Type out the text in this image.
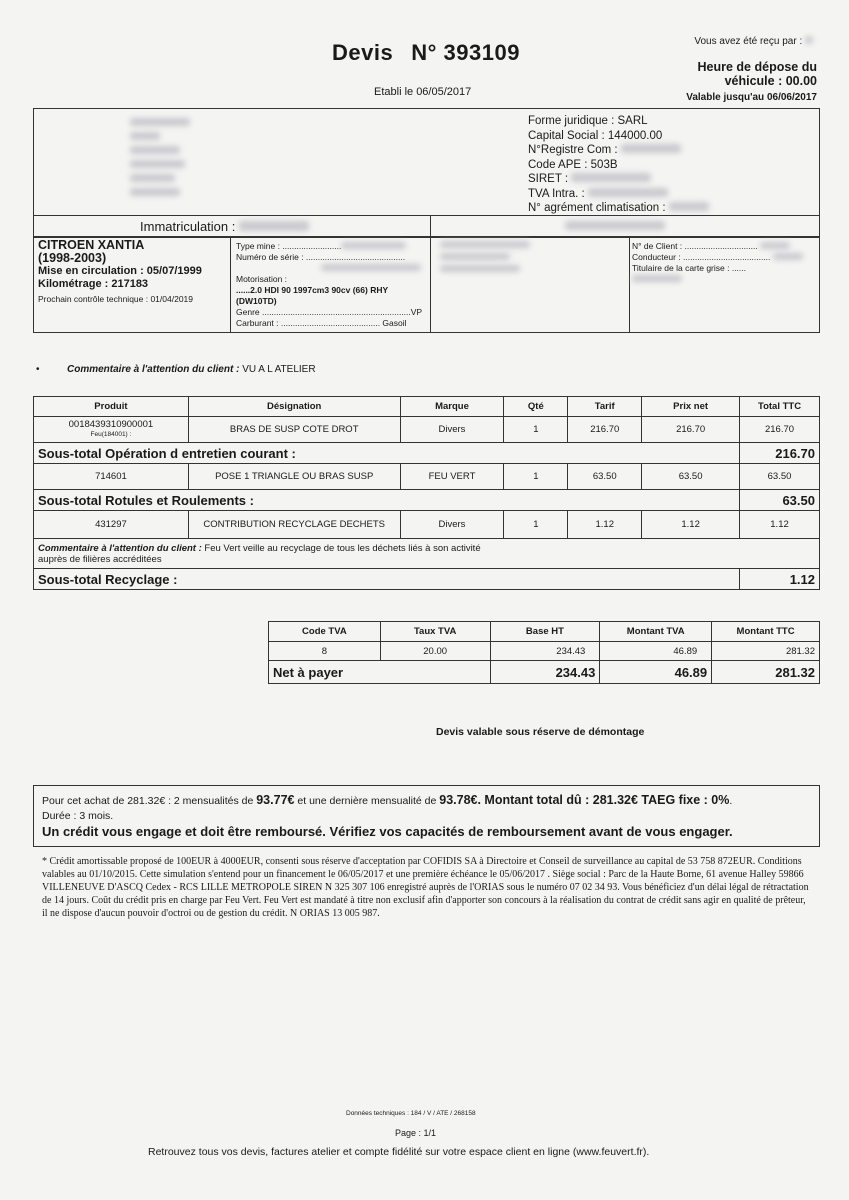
Devis N° 393109
Etabli le 06/05/2017
Vous avez été reçu par :
Heure de dépose du
véhicule : 00.00
Valable jusqu'au 06/06/2017
Forme juridique : SARL
Capital Social : 144000.00
N°Registre Com :
Code APE : 503B
SIRET :
TVA Intra. :
N° agrément climatisation :
Immatriculation :
CITROEN XANTIA
(1998-2003)
Mise en circulation : 05/07/1999
Kilométrage : 217183
Prochain contrôle technique : 01/04/2019
Type mine : .........................
Numéro de série : ..........................................
Motorisation :
......2.0 HDI 90 1997cm3 90cv (66) RHY
(DW10TD)
Genre ...............................................................VP
Carburant : .......................................... Gasoil
N° de Client : ...............................
Conducteur : .....................................
Titulaire de la carte grise : ......
•	Commentaire à l'attention du client : VU A L ATELIER
Produit	Désignation	Marque	Qté	Tarif	Prix net	Total TTC

0018439310900001
Feu(184001) :	BRAS DE SUSP COTE DROT	Divers	1	216.70	216.70	216.70
Sous-total Opération d entretien courant :						216.70
714601	POSE 1 TRIANGLE OU BRAS SUSP	FEU VERT	1	63.50	63.50	63.50
Sous-total Rotules et Roulements :						63.50
431297	CONTRIBUTION RECYCLAGE DECHETS	Divers	1	1.12	1.12	1.12
Commentaire à l'attention du client : Feu Vert veille au recyclage de tous les déchets liés à son activité
auprès de filières accréditées						
Sous-total Recyclage :						1.12
Code TVA	Taux TVA	Base HT	Montant TVA	Montant TTC
8	20.00	234.43	46.89	281.32
Net à payer		234.43	46.89	281.32
Devis valable sous réserve de démontage
Pour cet achat de 281.32€ : 2 mensualités de 93.77€ et une dernière mensualité de 93.78€. Montant total dû : 281.32€ TAEG fixe : 0%.
Durée : 3 mois.
Un crédit vous engage et doit être remboursé. Vérifiez vos capacités de remboursement avant de vous engager.
* Crédit amortissable proposé de 100EUR à 4000EUR, consenti sous réserve d'acceptation par COFIDIS SA à Directoire et Conseil de surveillance au capital de 53 758 872EUR. Conditions valables au 01/10/2015. Cette simulation s'entend pour un financement le 06/05/2017 et une première échéance le 05/06/2017 . Siège social : Parc de la Haute Borne, 61 avenue Halley 59866 VILLENEUVE D'ASCQ Cedex - RCS LILLE METROPOLE SIREN N 325 307 106 enregistré auprès de l'ORIAS sous le numéro 07 02 34 93. Vous bénéficiez d'un délai légal de rétractation de 14 jours. Coût du crédit pris en charge par Feu Vert. Feu Vert est mandaté à titre non exclusif afin d'apporter son concours à la réalisation du contrat de crédit sans agir en qualité de prêteur, il ne dispose d'aucun pouvoir d'octroi ou de gestion du crédit. N ORIAS 13 005 987.
Données techniques : 184 / V / ATE / 268158
Page : 1/1
Retrouvez tous vos devis, factures atelier et compte fidélité sur votre espace client en ligne (www.feuvert.fr).
